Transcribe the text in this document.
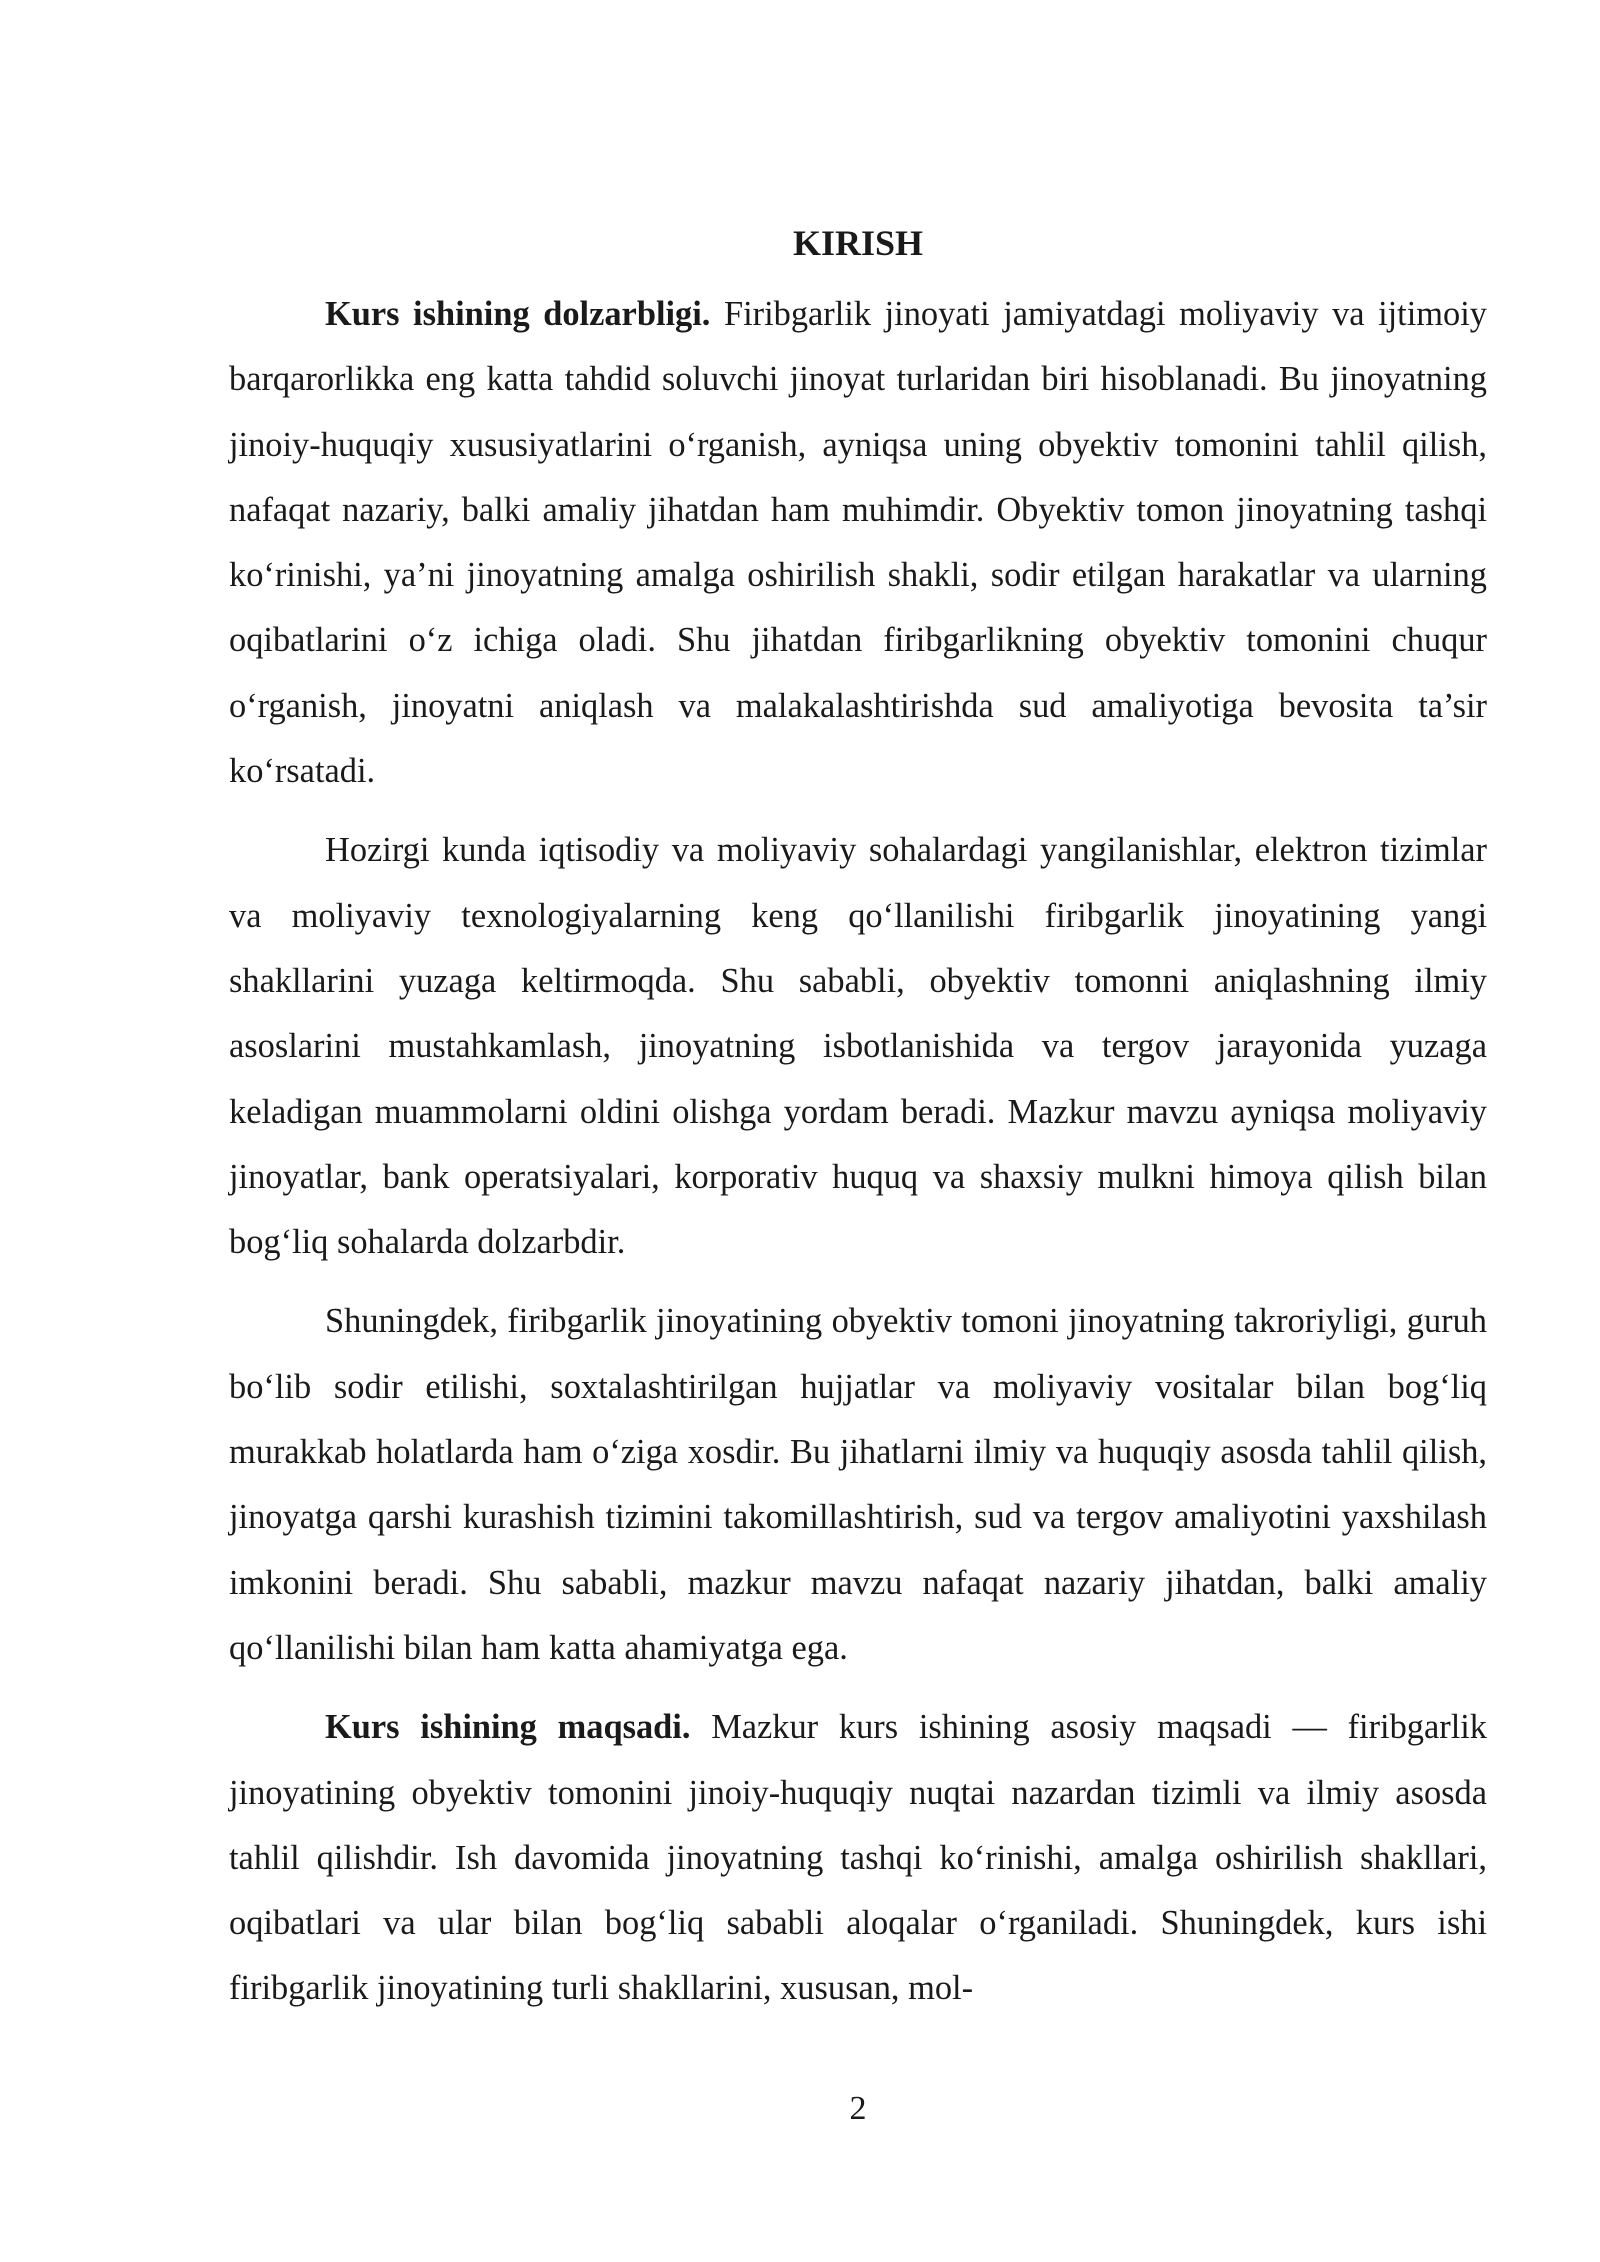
KIRISH

Kurs ishining dolzarbligi. Firibgarlik jinoyati jamiyatdagi moliyaviy va ijtimoiy barqarorlikka eng katta tahdid soluvchi jinoyat turlaridan biri hisoblanadi. Bu jinoyatning jinoiy-huquqiy xususiyatlarini oʻrganish, ayniqsa uning obyektiv tomonini tahlil qilish, nafaqat nazariy, balki amaliy jihatdan ham muhimdir. Obyektiv tomon jinoyatning tashqi koʻrinishi, ya’ni jinoyatning amalga oshirilish shakli, sodir etilgan harakatlar va ularning oqibatlarini oʻz ichiga oladi. Shu jihatdan firibgarlikning obyektiv tomonini chuqur oʻrganish, jinoyatni aniqlash va malakalashtirishda sud amaliyotiga bevosita ta’sir koʻrsatadi.

Hozirgi kunda iqtisodiy va moliyaviy sohalardagi yangilanishlar, elektron tizimlar va moliyaviy texnologiyalarning keng qoʻllanilishi firibgarlik jinoyatining yangi shakllarini yuzaga keltirmoqda. Shu sababli, obyektiv tomonni aniqlashning ilmiy asoslarini mustahkamlash, jinoyatning isbotlanishida va tergov jarayonida yuzaga keladigan muammolarni oldini olishga yordam beradi. Mazkur mavzu ayniqsa moliyaviy jinoyatlar, bank operatsiyalari, korporativ huquq va shaxsiy mulkni himoya qilish bilan bogʻliq sohalarda dolzarbdir.

Shuningdek, firibgarlik jinoyatining obyektiv tomoni jinoyatning takroriyligi, guruh boʻlib sodir etilishi, soxtalashtirilgan hujjatlar va moliyaviy vositalar bilan bogʻliq murakkab holatlarda ham oʻziga xosdir. Bu jihatlarni ilmiy va huquqiy asosda tahlil qilish, jinoyatga qarshi kurashish tizimini takomillashtirish, sud va tergov amaliyotini yaxshilash imkonini beradi. Shu sababli, mazkur mavzu nafaqat nazariy jihatdan, balki amaliy qoʻllanilishi bilan ham katta ahamiyatga ega.

Kurs ishining maqsadi. Mazkur kurs ishining asosiy maqsadi — firibgarlik jinoyatining obyektiv tomonini jinoiy-huquqiy nuqtai nazardan tizimli va ilmiy asosda tahlil qilishdir. Ish davomida jinoyatning tashqi koʻrinishi, amalga oshirilish shakllari, oqibatlari va ular bilan bogʻliq sababli aloqalar oʻrganiladi. Shuningdek, kurs ishi firibgarlik jinoyatining turli shakllarini, xususan, mol-

2
